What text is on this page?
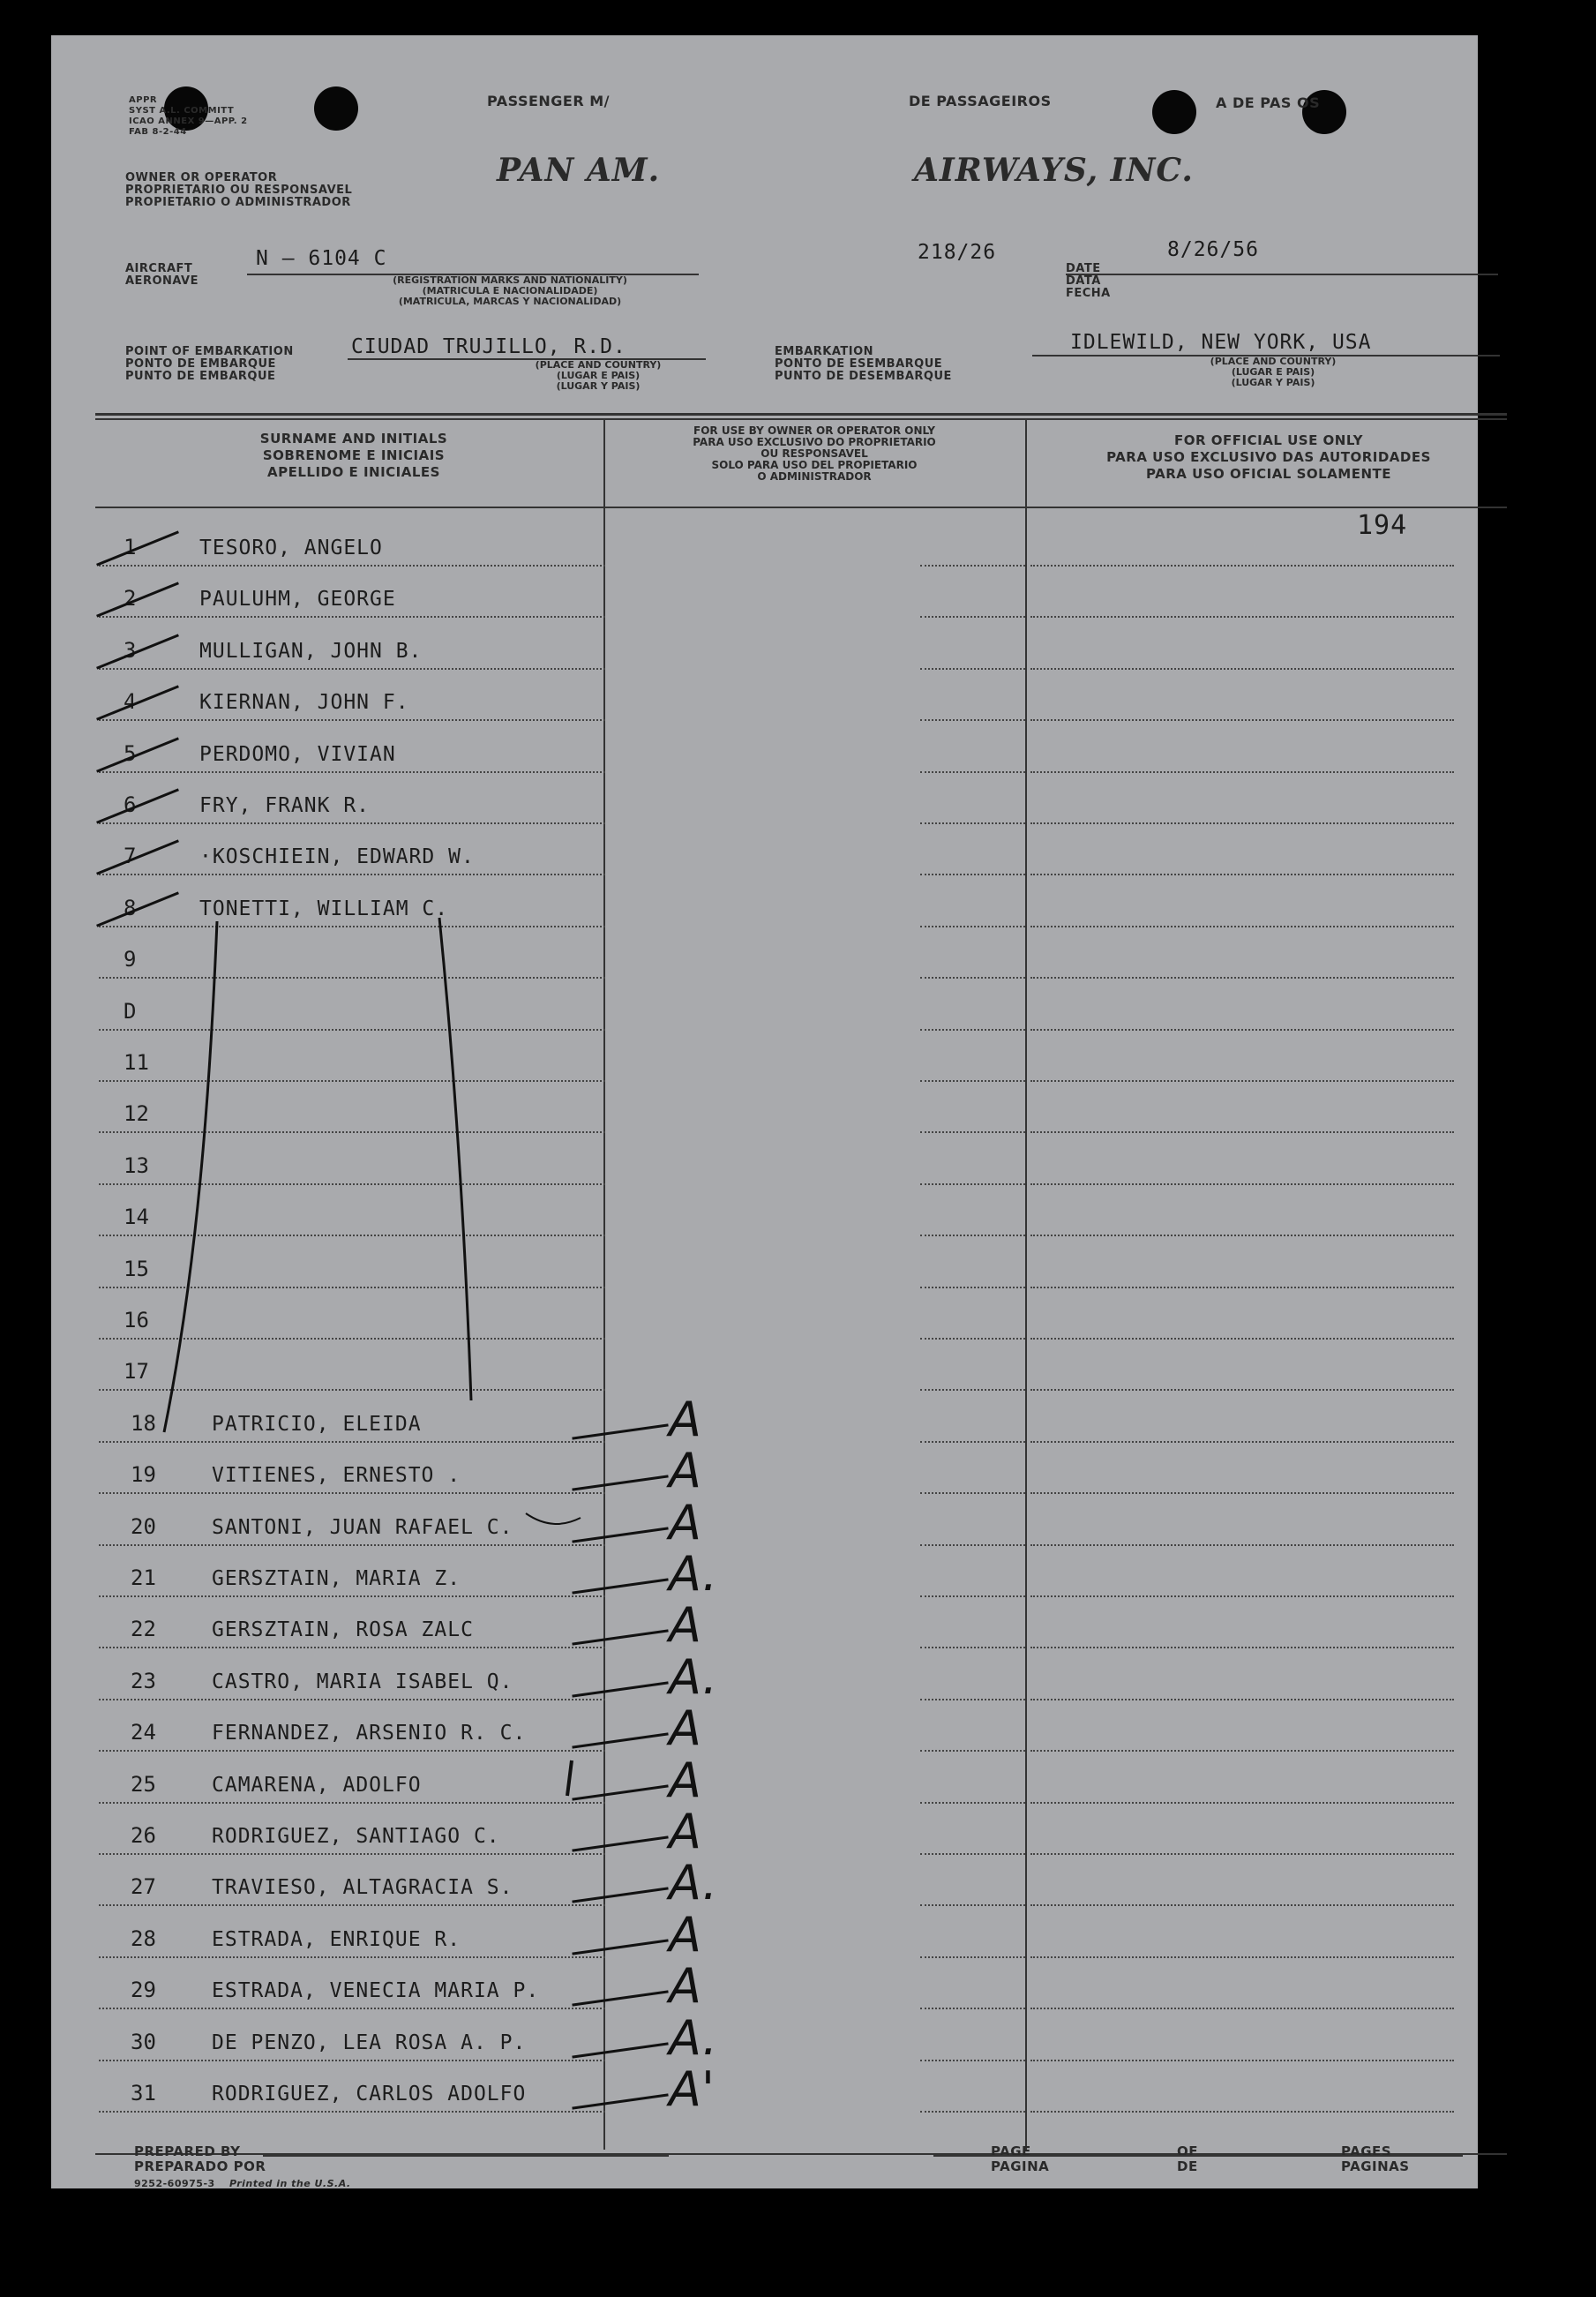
APPR
SYST A.L. COMMITT
ICAO ANNEX 9—APP. 2
FAB 8-2-44
PASSENGER M/	DE PASSAGEIROS	A DE PAS OS
OWNER OR OPERATOR
PROPRIETARIO OU RESPONSAVEL
PROPIETARIO O ADMINISTRADOR
PAN AM.	AIRWAYS, INC.
AIRCRAFT
AERONAVE
N — 6104 C
(REGISTRATION MARKS AND NATIONALITY)
(MATRICULA E NACIONALIDADE)
(MATRICULA, MARCAS Y NACIONALIDAD)
218/26
DATE
DATA
FECHA
8/26/56
POINT OF EMBARKATION
PONTO DE EMBARQUE
PUNTO DE EMBARQUE
CIUDAD TRUJILLO, R.D.
(PLACE AND COUNTRY)
(LUGAR E PAIS)
(LUGAR Y PAIS)
EMBARKATION
PONTO DE ESEMBARQUE
PUNTO DE DESEMBARQUE
IDLEWILD, NEW YORK, USA
(PLACE AND COUNTRY)
(LUGAR E PAIS)
(LUGAR Y PAIS)
SURNAME AND INITIALS
SOBRENOME E INICIAIS
APELLIDO E INICIALES
FOR USE BY OWNER OR OPERATOR ONLY
PARA USO EXCLUSIVO DO PROPRIETARIO
OU RESPONSAVEL
SOLO PARA USO DEL PROPIETARIO
O ADMINISTRADOR
FOR OFFICIAL USE ONLY
PARA USO EXCLUSIVO DAS AUTORIDADES
PARA USO OFICIAL SOLAMENTE
194
1	TESORO, ANGELO
2	PAULUHM, GEORGE
3	MULLIGAN, JOHN B.
4	KIERNAN, JOHN F.
5	PERDOMO, VIVIAN
6	FRY, FRANK R.
7	·KOSCHIEIN, EDWARD W.
8	TONETTI, WILLIAM C.
9
D
11
12
13
14
15
16
17
18	PATRICIO, ELEIDA	A
19	VITIENES, ERNESTO .	A
20	SANTONI, JUAN RAFAEL C.	A
21	GERSZTAIN, MARIA Z.	A.
22	GERSZTAIN, ROSA ZALC	A
23	CASTRO, MARIA ISABEL Q.	A.
24	FERNANDEZ, ARSENIO R. C.	A
25	CAMARENA, ADOLFO	A
26	RODRIGUEZ, SANTIAGO C.	A
27	TRAVIESO, ALTAGRACIA S.	A.
28	ESTRADA, ENRIQUE R.	A
29	ESTRADA, VENECIA MARIA P.	A
30	DE PENZO, LEA ROSA A. P.	A.
31	RODRIGUEZ, CARLOS ADOLFO	A'
PREPARED BY
PREPARADO POR
9252-60975-3 Printed in the U.S.A.
PAGE
PAGINA
OF
DE
PAGES
PAGINAS
